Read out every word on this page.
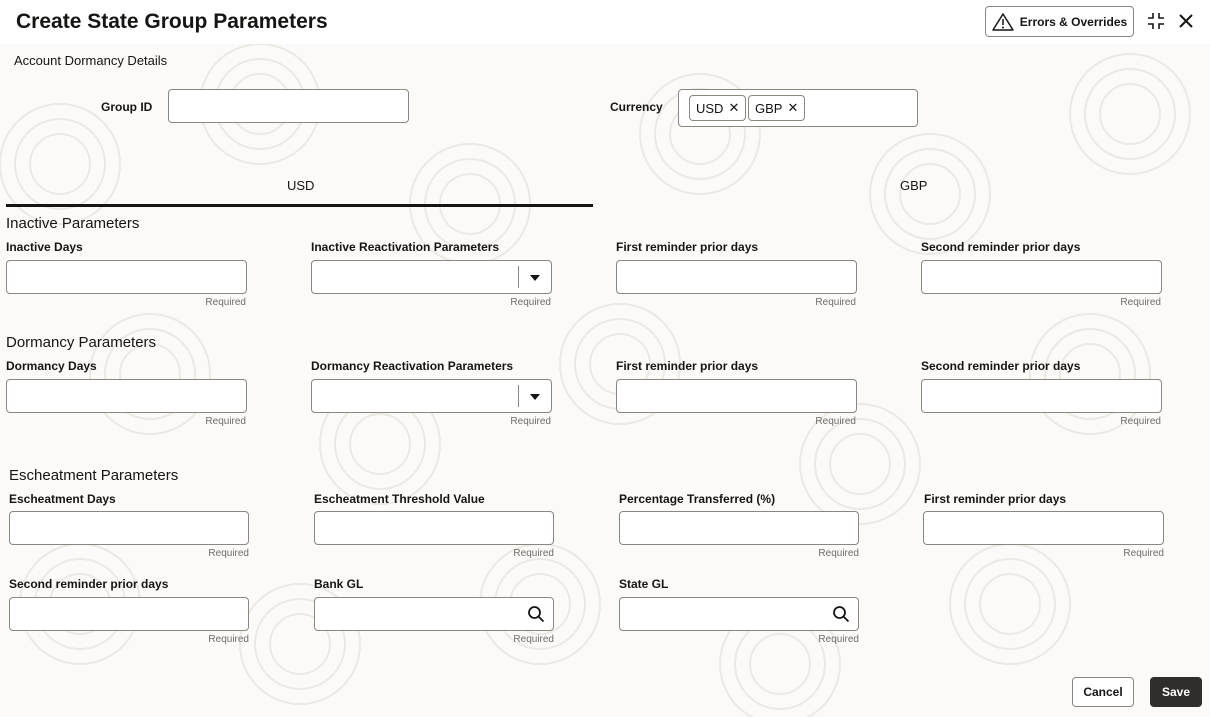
Create State Group Parameters	Errors & Overrides
Account Dormancy Details
Group ID	Currency	USD ✕ GBP ✕
USD	GBP
Inactive Parameters
Inactive Days
Required
Inactive Reactivation Parameters
Required
First reminder prior days
Required
Second reminder prior days
Required
Dormancy Parameters
Dormancy Days
Required
Dormancy Reactivation Parameters
Required
First reminder prior days
Required
Second reminder prior days
Required
Escheatment Parameters
Escheatment Days
Required
Escheatment Threshold Value
Required
Percentage Transferred (%)
Required
First reminder prior days
Required
Second reminder prior days
Required
Bank GL
Required
State GL
Required
Cancel	Save
